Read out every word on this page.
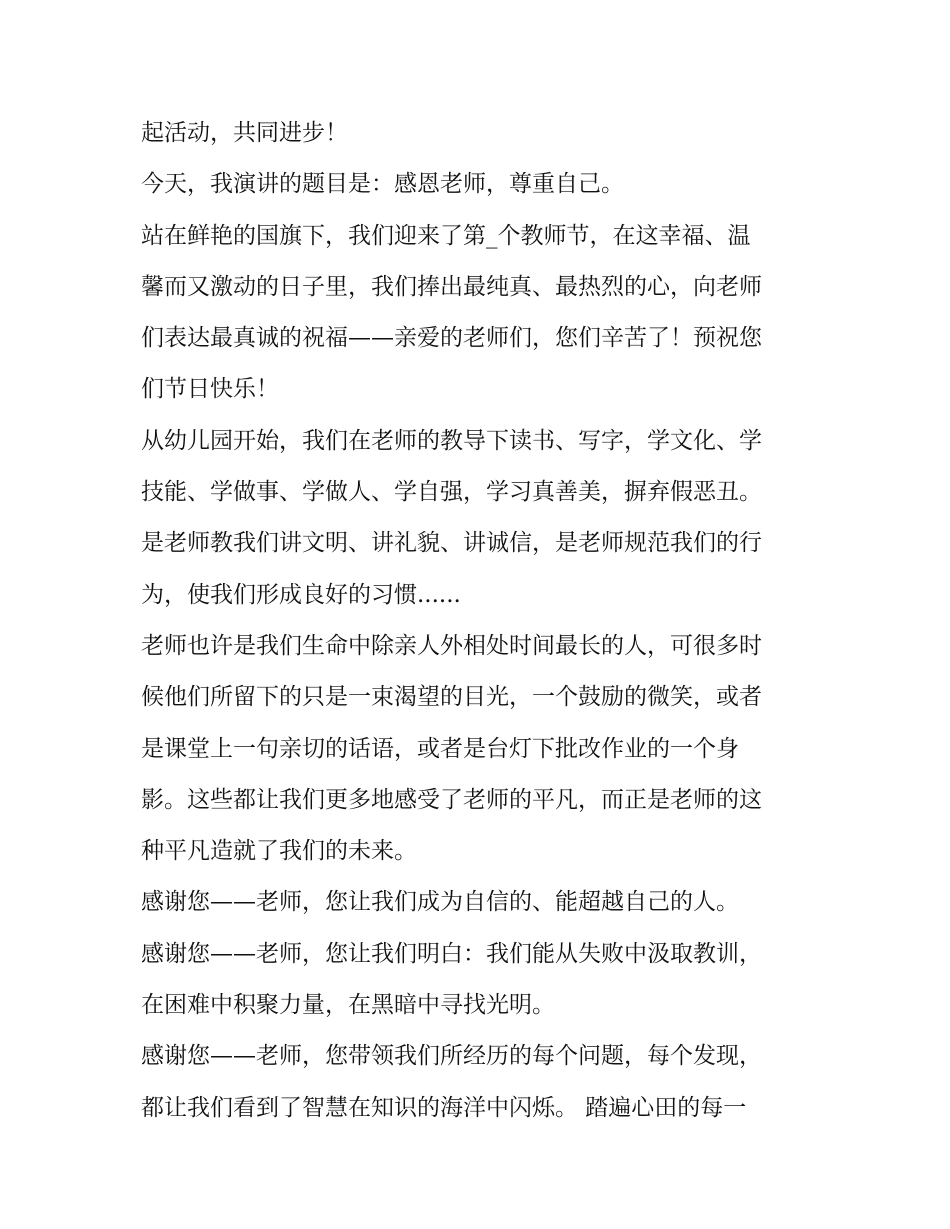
起活动，共同进步！
今天，我演讲的题目是：感恩老师，尊重自己。
站在鲜艳的国旗下，我们迎来了第_个教师节，在这幸福、温
馨而又激动的日子里，我们捧出最纯真、最热烈的心，向老师
们表达最真诚的祝福——亲爱的老师们，您们辛苦了！预祝您
们节日快乐！
从幼儿园开始，我们在老师的教导下读书、写字，学文化、学
技能、学做事、学做人、学自强，学习真善美，摒弃假恶丑。
是老师教我们讲文明、讲礼貌、讲诚信，是老师规范我们的行
为，使我们形成良好的习惯......
老师也许是我们生命中除亲人外相处时间最长的人，可很多时
候他们所留下的只是一束渴望的目光，一个鼓励的微笑，或者
是课堂上一句亲切的话语，或者是台灯下批改作业的一个身
影。这些都让我们更多地感受了老师的平凡，而正是老师的这
种平凡造就了我们的未来。
感谢您——老师，您让我们成为自信的、能超越自己的人。
感谢您——老师，您让我们明白：我们能从失败中汲取教训，
在困难中积聚力量，在黑暗中寻找光明。
感谢您——老师，您带领我们所经历的每个问题，每个发现，
都让我们看到了智慧在知识的海洋中闪烁。 踏遍心田的每一
